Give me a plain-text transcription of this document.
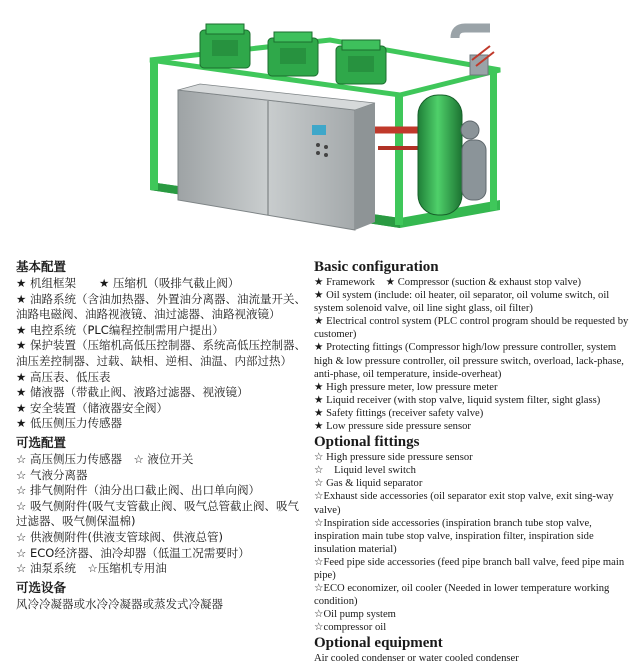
基本配置

★ 机组框架　　★ 压缩机（吸排气截止阀）

★ 油路系统（含油加热器、外置油分离器、油流量开关、油路电磁阀、油路视液镜、油过滤器、油路视液镜）

★ 电控系统（PLC编程控制需用户提出）

★ 保护装置（压缩机高低压控制器、系统高低压控制器、油压差控制器、过载、缺相、逆相、油温、内部过热）

★ 高压表、低压表

★ 储液器（带截止阀、液路过滤器、视液镜）

★ 安全装置（储液器安全阀）

★ 低压侧压力传感器

可选配置

☆ 高压侧压力传感器　☆ 液位开关

☆ 气液分离器

☆ 排气侧附件（油分出口截止阀、出口单向阀）

☆ 吸气侧附件(吸气支管截止阀、吸气总管截止阀、吸气过滤器、吸气侧保温棉)

☆ 供液侧附件(供液支管球阀、供液总管)

☆ ECO经济器、油冷却器（低温工况需要时）

☆ 油泵系统　☆压缩机专用油

可选设备

风冷冷凝器或水冷冷凝器或蒸发式冷凝器

Basic configuration

★ Framework　★ Compressor (suction & exhaust stop valve)

★ Oil system (include: oil heater, oil separator, oil volume switch, oil system solenoid valve, oil line sight glass, oil filter)

★ Electrical control system (PLC control program should be requested by customer)

★ Protecting fittings (Compressor high/low pressure controller, system high & low pressure controller, oil pressure switch, overload, lack-phase, anti-phase, oil temperature, inside-overheat)

★ High pressure meter, low pressure meter

★ Liquid receiver (with stop valve, liquid system filter, sight glass)

★ Safety fittings (receiver safety valve)

★ Low pressure side pressure sensor

Optional fittings

☆ High pressure side pressure sensor

☆　Liquid level switch

☆ Gas & liquid separator

☆Exhaust side accessories (oil separator exit stop valve, exit sing-way valve)

☆Inspiration side accessories (inspiration branch tube stop valve, inspiration main tube stop valve, inspiration filter, inspiration side insulation material)

☆Feed pipe side accessories (feed pipe branch ball valve, feed pipe main pipe)

☆ECO economizer, oil cooler (Needed in lower temperature working condition)

☆Oil pump system

☆compressor oil

Optional equipment

Air cooled condenser or water cooled condenser
